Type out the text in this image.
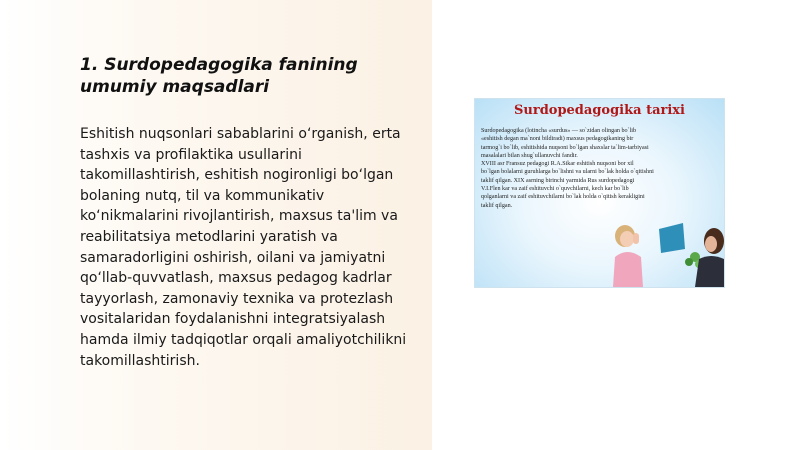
1. Surdopedagogika fanining umumiy maqsadlari

Eshitish nuqsonlari sabablarini o‘rganish, erta tashxis va profilaktika usullarini takomillashtirish, eshitish nogironligi bo‘lgan bolaning nutq, til va kommunikativ ko‘nikmalarini rivojlantirish, maxsus ta'lim va reabilitatsiya metodlarini yaratish va samaradorligini oshirish, oilani va jamiyatni qo‘llab-quvvatlash, maxsus pedagog kadrlar tayyorlash, zamonaviy texnika va protezlash vositalaridan foydalanishni integratsiyalash hamda ilmiy tadqiqotlar orqali amaliyotchilikni takomillashtirish.

Surdopedagogika tarixi
Surdopedagogika (lotincha «surdus» — so`zidan olingan bo`lib
«eshitish degan ma`noni bildiradi) maxsus pedagogikaning bir
tarmog`i bo`lib, eshitishida nuqsoni bo`lgan shaxslar ta`lim-tarbiyasi
masalalari bilan shug`ullanuvchi fandir.
XVIII asr Fransuz pedagogi R.A.Sikar eshitish nuqsoni bor xil
bo`lgan bolalarni guruhlarga bo`lishni va ularni bo`lak holda o`qitishni
taklif qilgan. XIX asrning birinchi yarmida Rus surdopedagogi
V.I.Flen kar va zaif eshituvchi o`quvchilarni, kech kar bo`lib
qolganlarni va zaif eshituvchilarni bo`lak holda o`qitish kerakligini
taklif qilgan.
